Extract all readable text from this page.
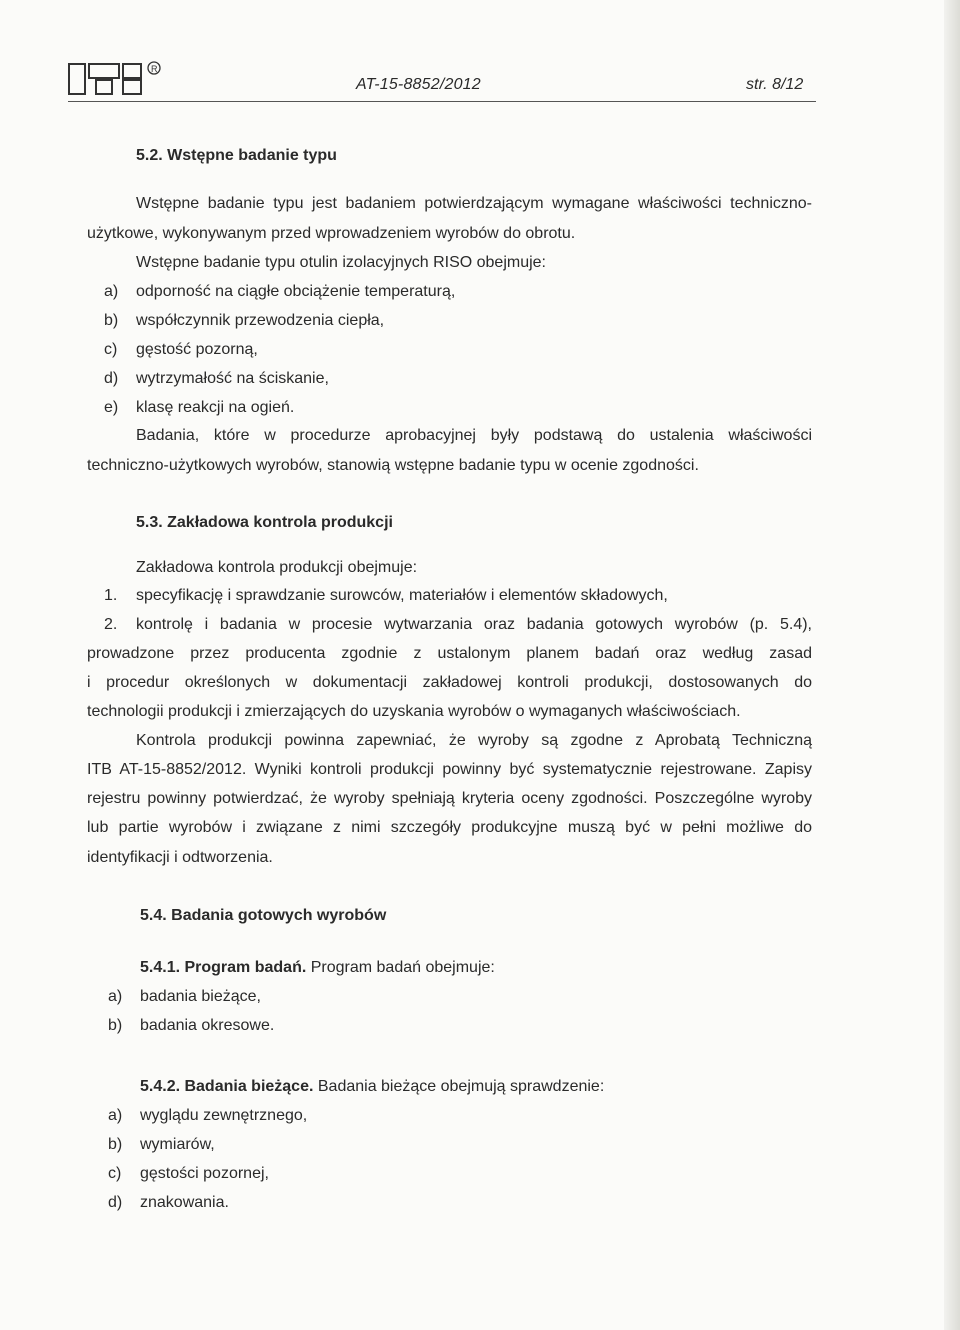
R
AT-15-8852/2012	str. 8/12
5.2. Wstępne badanie typu
Wstępne badanie typu jest badaniem potwierdzającym wymagane właściwości techniczno-
użytkowe, wykonywanym przed wprowadzeniem wyrobów do obrotu.
Wstępne badanie typu otulin izolacyjnych RISO obejmuje:
a) odporność na ciągłe obciążenie temperaturą,
b) współczynnik przewodzenia ciepła,
c) gęstość pozorną,
d) wytrzymałość na ściskanie,
e) klasę reakcji na ogień.
Badania, które w procedurze aprobacyjnej były podstawą do ustalenia właściwości
techniczno-użytkowych wyrobów, stanowią wstępne badanie typu w ocenie zgodności.
5.3. Zakładowa kontrola produkcji
Zakładowa kontrola produkcji obejmuje:
1. specyfikację i sprawdzanie surowców, materiałów i elementów składowych,
2. kontrolę i badania w procesie wytwarzania oraz badania gotowych wyrobów (p. 5.4),
prowadzone przez producenta zgodnie z ustalonym planem badań oraz według zasad
i procedur określonych w dokumentacji zakładowej kontroli produkcji, dostosowanych do
technologii produkcji i zmierzających do uzyskania wyrobów o wymaganych właściwościach.
Kontrola produkcji powinna zapewniać, że wyroby są zgodne z Aprobatą Techniczną
ITB AT-15-8852/2012. Wyniki kontroli produkcji powinny być systematycznie rejestrowane. Zapisy
rejestru powinny potwierdzać, że wyroby spełniają kryteria oceny zgodności. Poszczególne wyroby
lub partie wyrobów i związane z nimi szczegóły produkcyjne muszą być w pełni możliwe do
identyfikacji i odtworzenia.
5.4. Badania gotowych wyrobów
5.4.1. Program badań. Program badań obejmuje:
a) badania bieżące,
b) badania okresowe.
5.4.2. Badania bieżące. Badania bieżące obejmują sprawdzenie:
a) wyglądu zewnętrznego,
b) wymiarów,
c) gęstości pozornej,
d) znakowania.
